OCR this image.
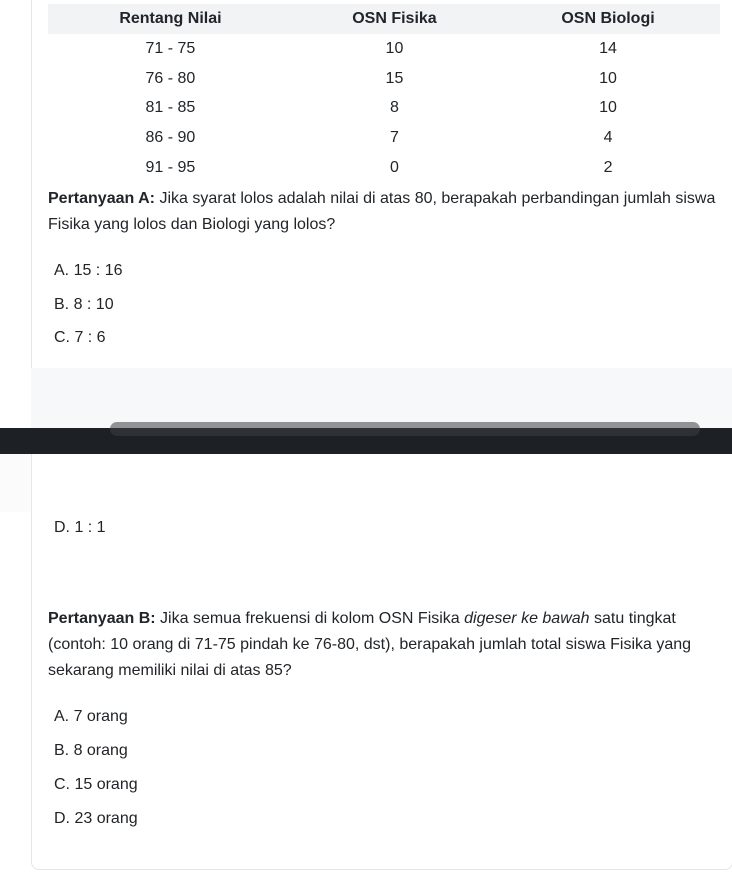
Rentang Nilai	OSN Fisika	OSN Biologi
71 - 75	10	14
76 - 80	15	10
81 - 85	8	10
86 - 90	7	4
91 - 95	0	2
Pertanyaan A: Jika syarat lolos adalah nilai di atas 80, berapakah perbandingan jumlah siswa Fisika yang lolos dan Biologi yang lolos?
A. 15 : 16
B. 8 : 10
C. 7 : 6
D. 1 : 1
Pertanyaan B: Jika semua frekuensi di kolom OSN Fisika digeser ke bawah satu tingkat (contoh: 10 orang di 71-75 pindah ke 76-80, dst), berapakah jumlah total siswa Fisika yang sekarang memiliki nilai di atas 85?
A. 7 orang
B. 8 orang
C. 15 orang
D. 23 orang
